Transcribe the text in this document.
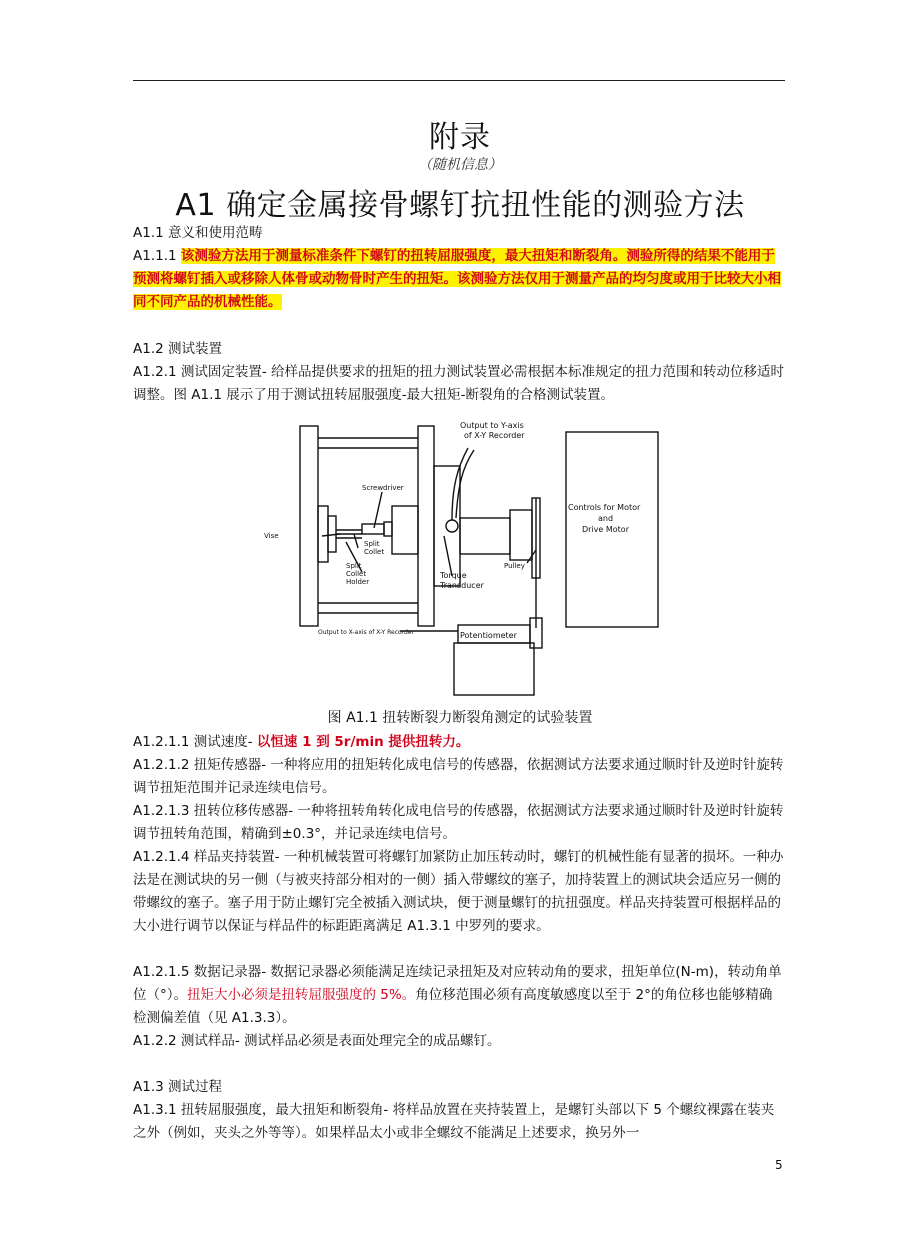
附录
（随机信息）
A1 确定金属接骨螺钉抗扭性能的测验方法
A1.1 意义和使用范畴
A1.1.1 该测验方法用于测量标准条件下螺钉的扭转屈服强度，最大扭矩和断裂角。测验所得的结果不能用于预测将螺钉插入或移除人体骨或动物骨时产生的扭矩。该测验方法仅用于测量产品的均匀度或用于比较大小相同不同产品的机械性能。
A1.2 测试装置
A1.2.1 测试固定装置- 给样品提供要求的扭矩的扭力测试装置必需根据本标准规定的扭力范围和转动位移适时调整。图 A1.1 展示了用于测试扭转屈服强度-最大扭矩-断裂角的合格测试装置。
Output to Y-axis
of X-Y Recorder
Screwdriver
Vise
Split
Collet
Split
Collet
Holder
Torque
Transducer
Pulley
Controls for Motor
and
Drive Motor
Output to X-axis of X-Y Recorder	Potentiometer
图 A1.1 扭转断裂力断裂角测定的试验装置
A1.2.1.1 测试速度- 以恒速 1 到 5r/min 提供扭转力。
A1.2.1.2 扭矩传感器- 一种将应用的扭矩转化成电信号的传感器，依据测试方法要求通过顺时针及逆时针旋转调节扭矩范围并记录连续电信号。
A1.2.1.3 扭转位移传感器- 一种将扭转角转化成电信号的传感器，依据测试方法要求通过顺时针及逆时针旋转调节扭转角范围，精确到±0.3°，并记录连续电信号。
A1.2.1.4 样品夹持装置- 一种机械装置可将螺钉加紧防止加压转动时，螺钉的机械性能有显著的损坏。一种办法是在测试块的另一侧（与被夹持部分相对的一侧）插入带螺纹的塞子，加持装置上的测试块会适应另一侧的带螺纹的塞子。塞子用于防止螺钉完全被插入测试块，便于测量螺钉的抗扭强度。样品夹持装置可根据样品的大小进行调节以保证与样品件的标距距离满足 A1.3.1 中罗列的要求。
A1.2.1.5 数据记录器- 数据记录器必须能满足连续记录扭矩及对应转动角的要求，扭矩单位(N-m)，转动角单位（°）。扭矩大小必须是扭转屈服强度的 5%。角位移范围必须有高度敏感度以至于 2°的角位移也能够精确检测偏差值（见 A1.3.3）。
A1.2.2 测试样品- 测试样品必须是表面处理完全的成品螺钉。
A1.3 测试过程
A1.3.1 扭转屈服强度，最大扭矩和断裂角- 将样品放置在夹持装置上，是螺钉头部以下 5 个螺纹裸露在装夹之外（例如，夹头之外等等）。如果样品太小或非全螺纹不能满足上述要求，换另外一
5
